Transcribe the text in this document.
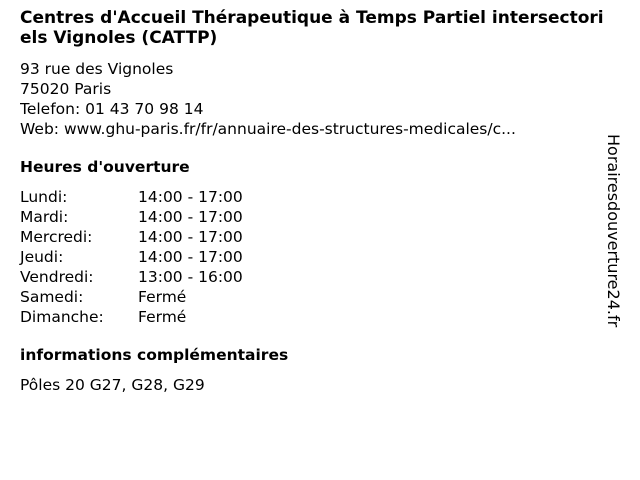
Centres d'Accueil Thérapeutique à Temps Partiel intersectoriels Vignoles (CATTP)
93 rue des Vignoles
75020 Paris
Telefon: 01 43 70 98 14
Web: www.ghu-paris.fr/fr/annuaire-des-structures-medicales/c...
Heures d'ouverture
Lundi:	14:00 - 17:00
Mardi:	14:00 - 17:00
Mercredi:	14:00 - 17:00
Jeudi:	14:00 - 17:00
Vendredi:	13:00 - 16:00
Samedi:	Fermé
Dimanche:	Fermé
informations complémentaires
Pôles 20 G27, G28, G29
Horairesdouverture24.fr
